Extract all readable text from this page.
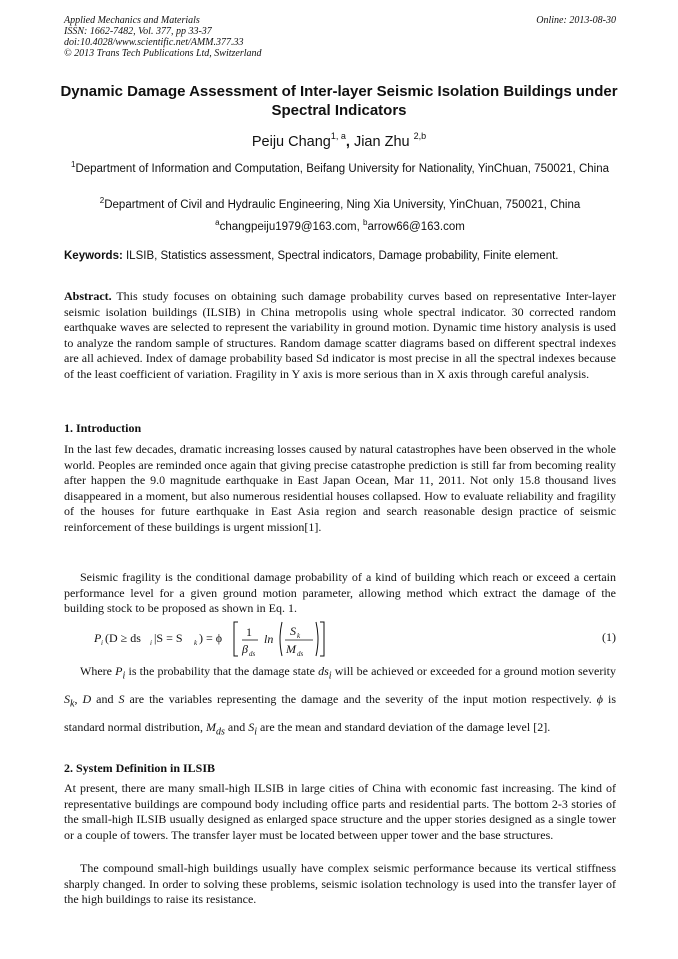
Applied Mechanics and Materials
ISSN: 1662-7482, Vol. 377, pp 33-37
doi:10.4028/www.scientific.net/AMM.377.33
© 2013 Trans Tech Publications Ltd, Switzerland
Online: 2013-08-30
Dynamic Damage Assessment of Inter-layer Seismic Isolation Buildings under Spectral Indicators
Peiju Chang$^{1, a}$, Jian Zhu $^{2,b}$
$^1$Department of Information and Computation, Beifang University for Nationality, YinChuan, 750021, China
$^2$Department of Civil and Hydraulic Engineering, Ning Xia University, YinChuan, 750021, China
$^a$changpeiju1979@163.com, $^b$arrow66@163.com
Keywords: ILSIB, Statistics assessment, Spectral indicators, Damage probability, Finite element.
Abstract. This study focuses on obtaining such damage probability curves based on representative Inter-layer seismic isolation buildings (ILSIB) in China metropolis using whole spectral indicator. 30 corrected random earthquake waves are selected to represent the variability in ground motion. Dynamic time history analysis is used to analyze the random sample of structures. Random damage scatter diagrams based on different spectral indexes are all achieved. Index of damage probability based Sd indicator is most precise in all the spectral indexes because of the least coefficient of variation. Fragility in Y axis is more serious than in X axis through careful analysis.
1. Introduction
In the last few decades, dramatic increasing losses caused by natural catastrophes have been observed in the whole world. Peoples are reminded once again that giving precise catastrophe prediction is still far from becoming reality after happen the 9.0 magnitude earthquake in East Japan Ocean, Mar 11, 2011. Not only 15.8 thousand lives disappeared in a moment, but also numerous residential houses collapsed. How to evaluate reliability and fragility of the houses for future earthquake in East Asia region and search reasonable design practice of seismic reinforcement of these buildings is urgent mission[1].
Seismic fragility is the conditional damage probability of a kind of building which reach or exceed a certain performance level for a given ground motion parameter, allowing method which extract the damage of the building stock to be proposed as shown in Eq. 1.
P i (D ≥ ds i |S = S k ) = ϕ 1
β ds
ln
S k
M ds
(1)
Where $P_i$ is the probability that the damage state $ds_i$ will be achieved or exceeded for a ground motion severity $S_k$, D and S are the variables representing the damage and the severity of the input motion respectively. ϕ is standard normal distribution, $M_{ds}$ and $S_i$ are the mean and standard deviation of the damage level [2].
2. System Definition in ILSIB
At present, there are many small-high ILSIB in large cities of China with economic fast increasing. The kind of representative buildings are compound body including office parts and residential parts. The bottom 2-3 stories of the small-high ILSIB usually designed as enlarged space structure and the upper stories designed as a single tower or a couple of towers. The transfer layer must be located between upper tower and the base structures.
The compound small-high buildings usually have complex seismic performance because its vertical stiffness sharply changed. In order to solving these problems, seismic isolation technology is used into the transfer layer of the high buildings to raise its resistance.
